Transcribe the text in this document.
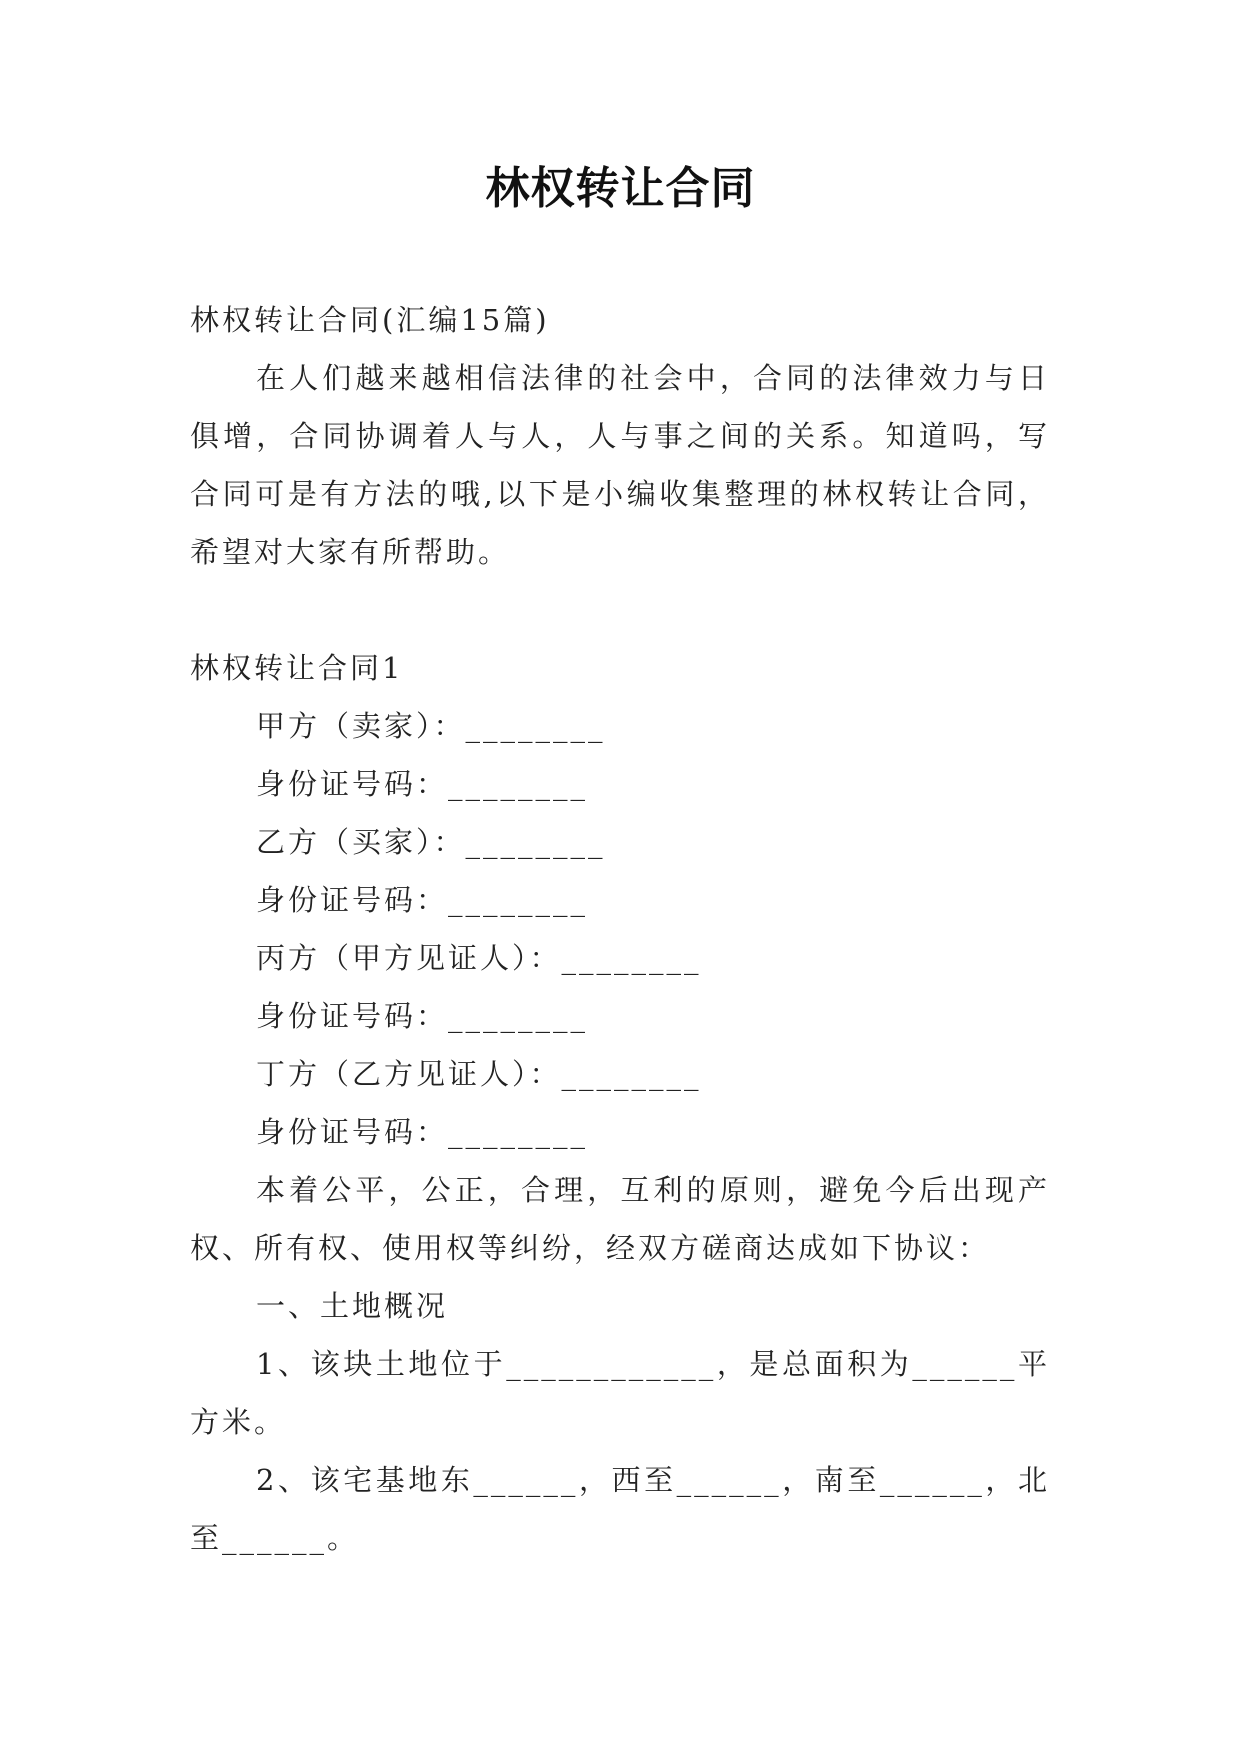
林权转让合同

林权转让合同(汇编15篇)

在人们越来越相信法律的社会中，合同的法律效力与日俱增，合同协调着人与人，人与事之间的关系。知道吗，写合同可是有方法的哦,以下是小编收集整理的林权转让合同，希望对大家有所帮助。

林权转让合同1

甲方（卖家）：________

身份证号码：________

乙方（买家）：________

身份证号码：________

丙方（甲方见证人）：________

身份证号码：________

丁方（乙方见证人）：________

身份证号码：________

本着公平，公正，合理，互利的原则，避免今后出现产权、所有权、使用权等纠纷，经双方磋商达成如下协议：

一、土地概况

1、该块土地位于____________，是总面积为______平方米。

2、该宅基地东______，西至______，南至______，北至______。
